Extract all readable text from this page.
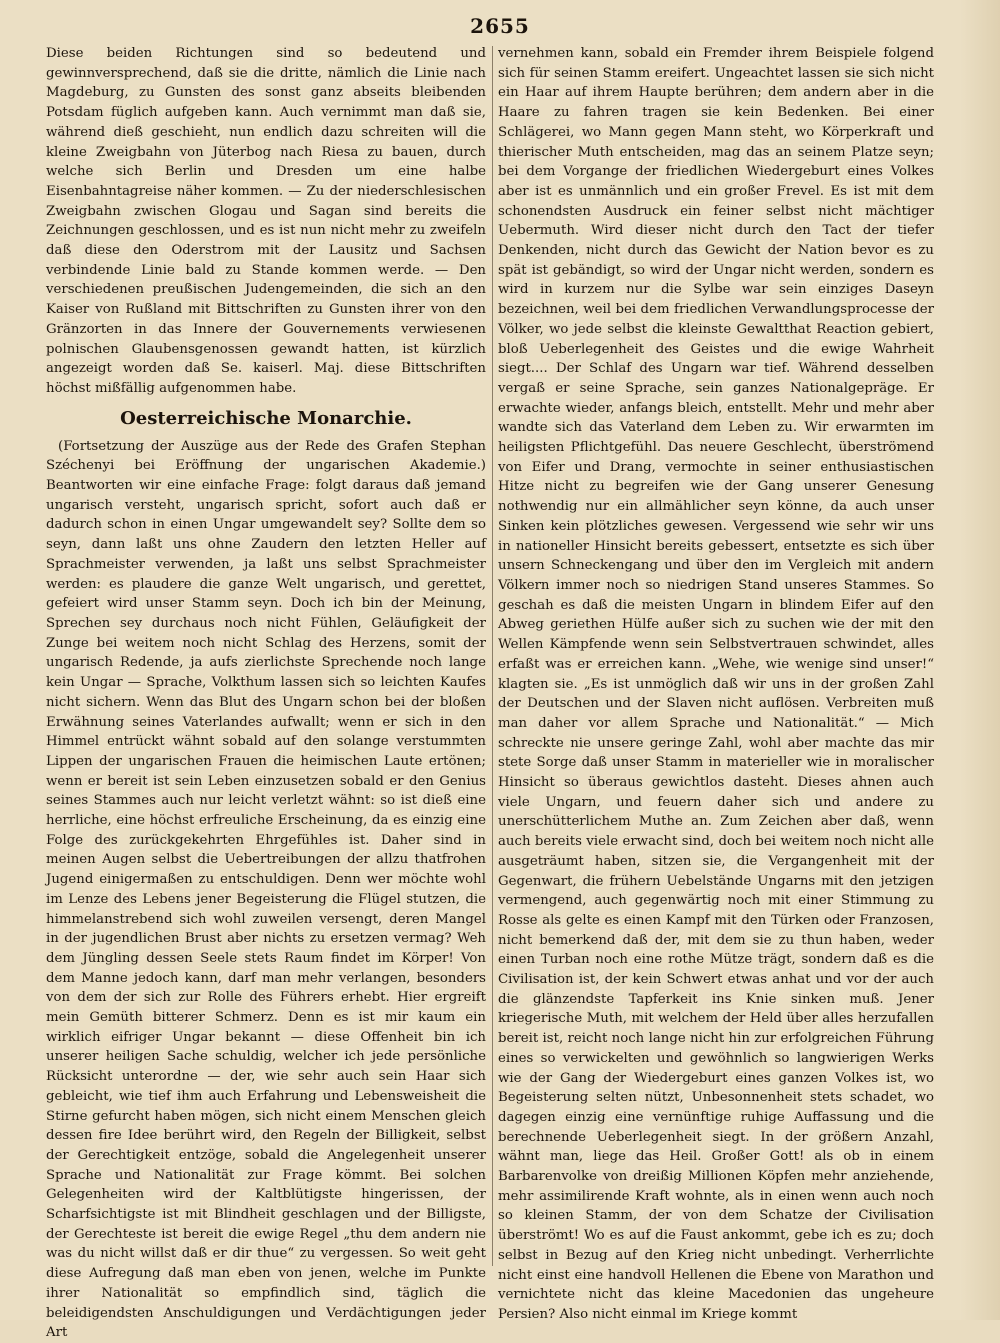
2655

Diese beiden Richtungen sind so bedeutend und gewinnversprechend, daß sie die dritte, nämlich die Linie nach Magdeburg, zu Gunsten des sonst ganz abseits bleibenden Potsdam füglich aufgeben kann. Auch vernimmt man daß sie, während dieß geschieht, nun endlich dazu schreiten will die kleine Zweigbahn von Jüterbog nach Riesa zu bauen, durch welche sich Berlin und Dresden um eine halbe Eisenbahntagreise näher kommen. — Zu der niederschlesischen Zweigbahn zwischen Glogau und Sagan sind bereits die Zeichnungen geschlossen, und es ist nun nicht mehr zu zweifeln daß diese den Oderstrom mit der Lausitz und Sachsen verbindende Linie bald zu Stande kommen werde. — Den verschiedenen preußischen Judengemeinden, die sich an den Kaiser von Rußland mit Bittschriften zu Gunsten ihrer von den Gränzorten in das Innere der Gouvernements verwiesenen polnischen Glaubensgenossen gewandt hatten, ist kürzlich angezeigt worden daß Se. kaiserl. Maj. diese Bittschriften höchst mißfällig aufgenommen habe.

Oesterreichische Monarchie.

(Fortsetzung der Auszüge aus der Rede des Grafen Stephan Széchenyi bei Eröffnung der ungarischen Akademie.) Beantworten wir eine einfache Frage: folgt daraus daß jemand ungarisch versteht, ungarisch spricht, sofort auch daß er dadurch schon in einen Ungar umgewandelt sey? Sollte dem so seyn, dann laßt uns ohne Zaudern den letzten Heller auf Sprachmeister verwenden, ja laßt uns selbst Sprachmeister werden: es plaudere die ganze Welt ungarisch, und gerettet, gefeiert wird unser Stamm seyn. Doch ich bin der Meinung, Sprechen sey durchaus noch nicht Fühlen, Geläufigkeit der Zunge bei weitem noch nicht Schlag des Herzens, somit der ungarisch Redende, ja aufs zierlichste Sprechende noch lange kein Ungar — Sprache, Volkthum lassen sich so leichten Kaufes nicht sichern. Wenn das Blut des Ungarn schon bei der bloßen Erwähnung seines Vaterlandes aufwallt; wenn er sich in den Himmel entrückt wähnt sobald auf den solange verstummten Lippen der ungarischen Frauen die heimischen Laute ertönen; wenn er bereit ist sein Leben einzusetzen sobald er den Genius seines Stammes auch nur leicht verletzt wähnt: so ist dieß eine herrliche, eine höchst erfreuliche Erscheinung, da es einzig eine Folge des zurückgekehrten Ehrgefühles ist. Daher sind in meinen Augen selbst die Uebertreibungen der allzu thatfrohen Jugend einigermaßen zu entschuldigen. Denn wer möchte wohl im Lenze des Lebens jener Begeisterung die Flügel stutzen, die himmelanstrebend sich wohl zuweilen versengt, deren Mangel in der jugendlichen Brust aber nichts zu ersetzen vermag? Weh dem Jüngling dessen Seele stets Raum findet im Körper! Von dem Manne jedoch kann, darf man mehr verlangen, besonders von dem der sich zur Rolle des Führers erhebt. Hier ergreift mein Gemüth bitterer Schmerz. Denn es ist mir kaum ein wirklich eifriger Ungar bekannt — diese Offenheit bin ich unserer heiligen Sache schuldig, welcher ich jede persönliche Rücksicht unterordne — der, wie sehr auch sein Haar sich gebleicht, wie tief ihm auch Erfahrung und Lebensweisheit die Stirne gefurcht haben mögen, sich nicht einem Menschen gleich dessen fire Idee berührt wird, den Regeln der Billigkeit, selbst der Gerechtigkeit entzöge, sobald die Angelegenheit unserer Sprache und Nationalität zur Frage kömmt. Bei solchen Gelegenheiten wird der Kaltblütigste hingerissen, der Scharfsichtigste ist mit Blindheit geschlagen und der Billigste, der Gerechteste ist bereit die ewige Regel „thu dem andern nie was du nicht willst daß er dir thue“ zu vergessen. So weit geht diese Aufregung daß man eben von jenen, welche im Punkte ihrer Nationalität so empfindlich sind, täglich die beleidigendsten Anschuldigungen und Verdächtigungen jeder Art

vernehmen kann, sobald ein Fremder ihrem Beispiele folgend sich für seinen Stamm ereifert. Ungeachtet lassen sie sich nicht ein Haar auf ihrem Haupte berühren; dem andern aber in die Haare zu fahren tragen sie kein Bedenken. Bei einer Schlägerei, wo Mann gegen Mann steht, wo Körperkraft und thierischer Muth entscheiden, mag das an seinem Platze seyn; bei dem Vorgange der friedlichen Wiedergeburt eines Volkes aber ist es unmännlich und ein großer Frevel. Es ist mit dem schonendsten Ausdruck ein feiner selbst nicht mächtiger Uebermuth. Wird dieser nicht durch den Tact der tiefer Denkenden, nicht durch das Gewicht der Nation bevor es zu spät ist gebändigt, so wird der Ungar nicht werden, sondern es wird in kurzem nur die Sylbe war sein einziges Daseyn bezeichnen, weil bei dem friedlichen Verwandlungsprocesse der Völker, wo jede selbst die kleinste Gewaltthat Reaction gebiert, bloß Ueberlegenheit des Geistes und die ewige Wahrheit siegt.... Der Schlaf des Ungarn war tief. Während desselben vergaß er seine Sprache, sein ganzes Nationalgepräge. Er erwachte wieder, anfangs bleich, entstellt. Mehr und mehr aber wandte sich das Vaterland dem Leben zu. Wir erwarmten im heiligsten Pflichtgefühl. Das neuere Geschlecht, überströmend von Eifer und Drang, vermochte in seiner enthusiastischen Hitze nicht zu begreifen wie der Gang unserer Genesung nothwendig nur ein allmählicher seyn könne, da auch unser Sinken kein plötzliches gewesen. Vergessend wie sehr wir uns in nationeller Hinsicht bereits gebessert, entsetzte es sich über unsern Schneckengang und über den im Vergleich mit andern Völkern immer noch so niedrigen Stand unseres Stammes. So geschah es daß die meisten Ungarn in blindem Eifer auf den Abweg geriethen Hülfe außer sich zu suchen wie der mit den Wellen Kämpfende wenn sein Selbstvertrauen schwindet, alles erfaßt was er erreichen kann. „Wehe, wie wenige sind unser!“ klagten sie. „Es ist unmöglich daß wir uns in der großen Zahl der Deutschen und der Slaven nicht auflösen. Verbreiten muß man daher vor allem Sprache und Nationalität.“ — Mich schreckte nie unsere geringe Zahl, wohl aber machte das mir stete Sorge daß unser Stamm in materieller wie in moralischer Hinsicht so überaus gewichtlos dasteht. Dieses ahnen auch viele Ungarn, und feuern daher sich und andere zu unerschütterlichem Muthe an. Zum Zeichen aber daß, wenn auch bereits viele erwacht sind, doch bei weitem noch nicht alle ausgeträumt haben, sitzen sie, die Vergangenheit mit der Gegenwart, die frühern Uebelstände Ungarns mit den jetzigen vermengend, auch gegenwärtig noch mit einer Stimmung zu Rosse als gelte es einen Kampf mit den Türken oder Franzosen, nicht bemerkend daß der, mit dem sie zu thun haben, weder einen Turban noch eine rothe Mütze trägt, sondern daß es die Civilisation ist, der kein Schwert etwas anhat und vor der auch die glänzendste Tapferkeit ins Knie sinken muß. Jener kriegerische Muth, mit welchem der Held über alles herzufallen bereit ist, reicht noch lange nicht hin zur erfolgreichen Führung eines so verwickelten und gewöhnlich so langwierigen Werks wie der Gang der Wiedergeburt eines ganzen Volkes ist, wo Begeisterung selten nützt, Unbesonnenheit stets schadet, wo dagegen einzig eine vernünftige ruhige Auffassung und die berechnende Ueberlegenheit siegt. In der größern Anzahl, wähnt man, liege das Heil. Großer Gott! als ob in einem Barbarenvolke von dreißig Millionen Köpfen mehr anziehende, mehr assimilirende Kraft wohnte, als in einen wenn auch noch so kleinen Stamm, der von dem Schatze der Civilisation überströmt! Wo es auf die Faust ankommt, gebe ich es zu; doch selbst in Bezug auf den Krieg nicht unbedingt. Verherrlichte nicht einst eine handvoll Hellenen die Ebene von Marathon und vernichtete nicht das kleine Macedonien das ungeheure Persien? Also nicht einmal im Kriege kommt
